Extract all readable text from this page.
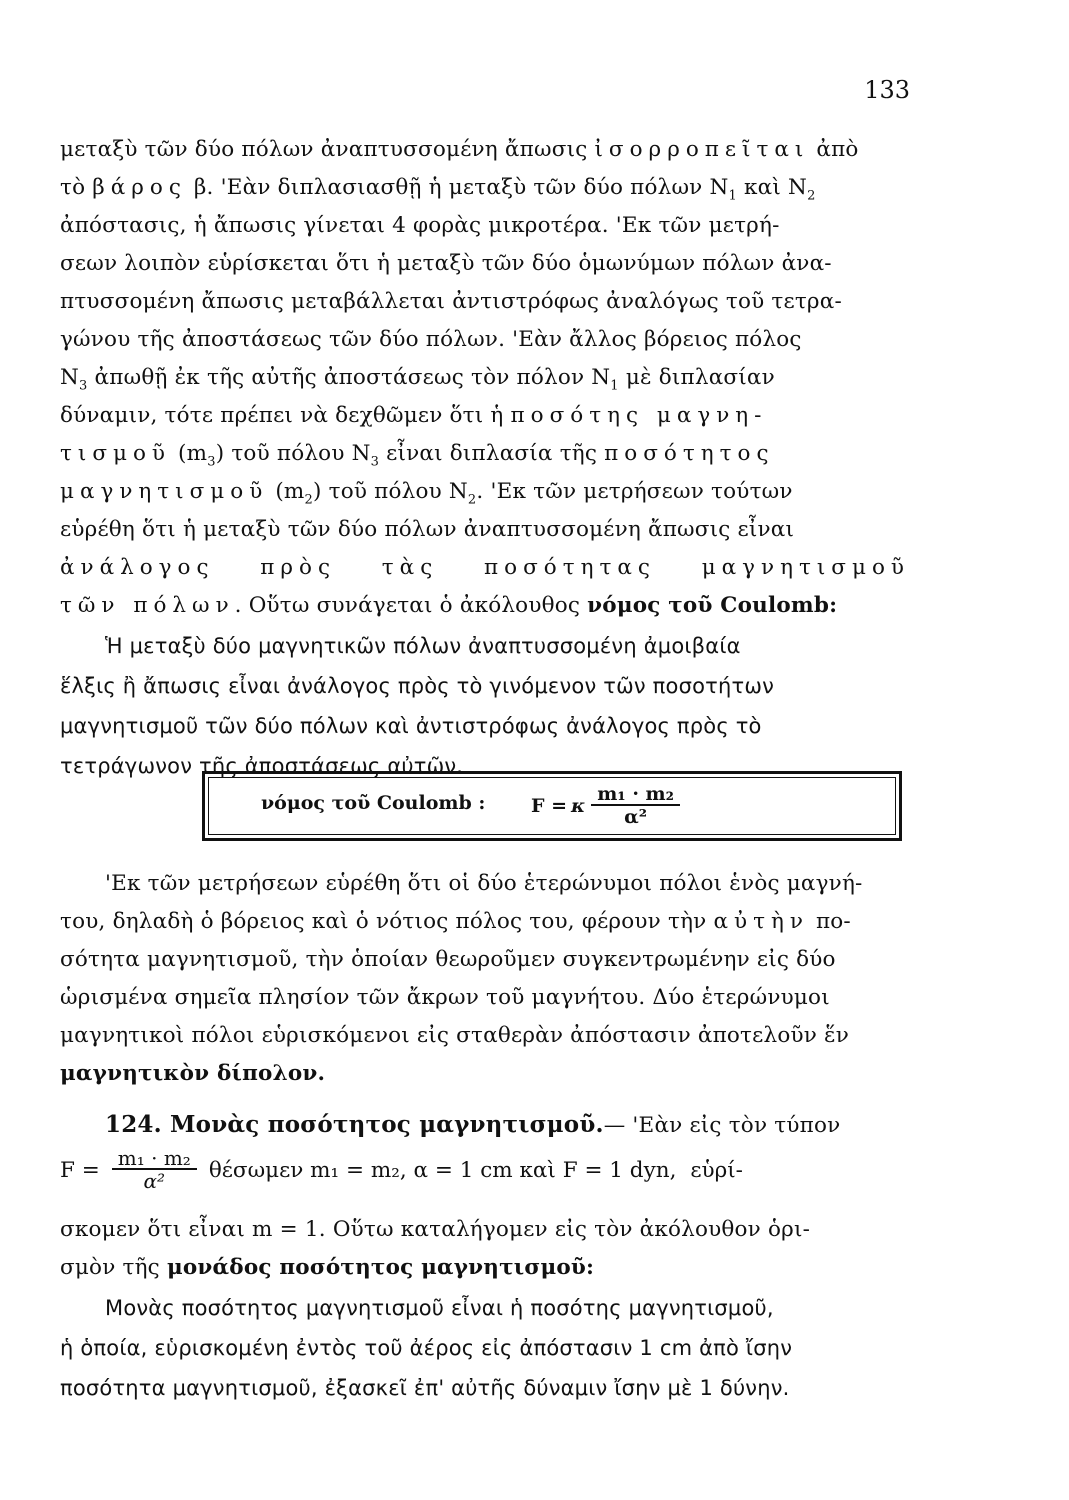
133
μεταξὺ τῶν δύο πόλων ἀναπτυσσομένη ἄπωσις ἰσορροπεῖται ἀπὸ
τὸ βάρος β. 'Εὰν διπλασιασθῇ ἡ μεταξὺ τῶν δύο πόλων $N_1$ καὶ $N_2$
ἀπόστασις, ἡ ἄπωσις γίνεται 4 φορὰς μικροτέρα. 'Εκ τῶν μετρή-
σεων λοιπὸν εὑρίσκεται ὅτι ἡ μεταξὺ τῶν δύο ὁμωνύμων πόλων ἀνα-
πτυσσομένη ἄπωσις μεταβάλλεται ἀντιστρόφως ἀναλόγως τοῦ τετρα-
γώνου τῆς ἀποστάσεως τῶν δύο πόλων. 'Εὰν ἄλλος βόρειος πόλος
$N_3$ ἀπωθῇ ἐκ τῆς αὐτῆς ἀποστάσεως τὸν πόλον $N_1$ μὲ διπλασίαν
δύναμιν, τότε πρέπει νὰ δεχθῶμεν ὅτι ἡ ποσότης μαγνη-
τισμοῦ $(m_3)$ τοῦ πόλου $N_3$ εἶναι διπλασία τῆς ποσότητος
μαγνητισμοῦ $(m_2)$ τοῦ πόλου $N_2$. 'Εκ τῶν μετρήσεων τούτων
εὑρέθη ὅτι ἡ μεταξὺ τῶν δύο πόλων ἀναπτυσσομένη ἄπωσις εἶναι
ἀνάλογος πρὸς τὰς ποσότητας μαγνητισμοῦ
τῶν πόλων. Οὕτω συνάγεται ὁ ἀκόλουθος νόμος τοῦ Coulomb:
Ἡ μεταξὺ δύο μαγνητικῶν πόλων ἀναπτυσσομένη ἀμοιβαία
ἕλξις ἢ ἄπωσις εἶναι ἀνάλογος πρὸς τὸ γινόμενον τῶν ποσοτήτων
μαγνητισμοῦ τῶν δύο πόλων καὶ ἀντιστρόφως ἀνάλογος πρὸς τὸ
τετράγωνον τῆς ἀποστάσεως αὐτῶν.
νόμος τοῦ Coulomb : F = κ $\frac{\text{m₁ · m₂}}{\text{α²}}$
'Εκ τῶν μετρήσεων εὑρέθη ὅτι οἱ δύο ἑτερώνυμοι πόλοι ἑνὸς μαγνή-
του, δηλαδὴ ὁ βόρειος καὶ ὁ νότιος πόλος του, φέρουν τὴν αὐτὴν πο-
σότητα μαγνητισμοῦ, τὴν ὁποίαν θεωροῦμεν συγκεντρωμένην εἰς δύο
ὡρισμένα σημεῖα πλησίον τῶν ἄκρων τοῦ μαγνήτου. Δύο ἑτερώνυμοι
μαγνητικοὶ πόλοι εὑρισκόμενοι εἰς σταθερὰν ἀπόστασιν ἀποτελοῦν ἕν
μαγνητικὸν δίπολον.
124. Μονὰς ποσότητος μαγνητισμοῦ.— 'Εὰν εἰς τὸν τύπον
$F = \frac{\text{m₁ · m₂}}{\text{α²}}$ θέσωμεν m₁ = m₂, α = 1 cm καὶ F = 1 dyn, εὑρί-
σκομεν ὅτι εἶναι m = 1. Οὕτω καταλήγομεν εἰς τὸν ἀκόλουθον ὁρι-
σμὸν τῆς μονάδος ποσότητος μαγνητισμοῦ:
Μονὰς ποσότητος μαγνητισμοῦ εἶναι ἡ ποσότης μαγνητισμοῦ,
ἡ ὁποία, εὑρισκομένη ἐντὸς τοῦ ἀέρος εἰς ἀπόστασιν 1 cm ἀπὸ ἴσην
ποσότητα μαγνητισμοῦ, ἐξασκεῖ ἐπ' αὐτῆς δύναμιν ἴσην μὲ 1 δύνην.
